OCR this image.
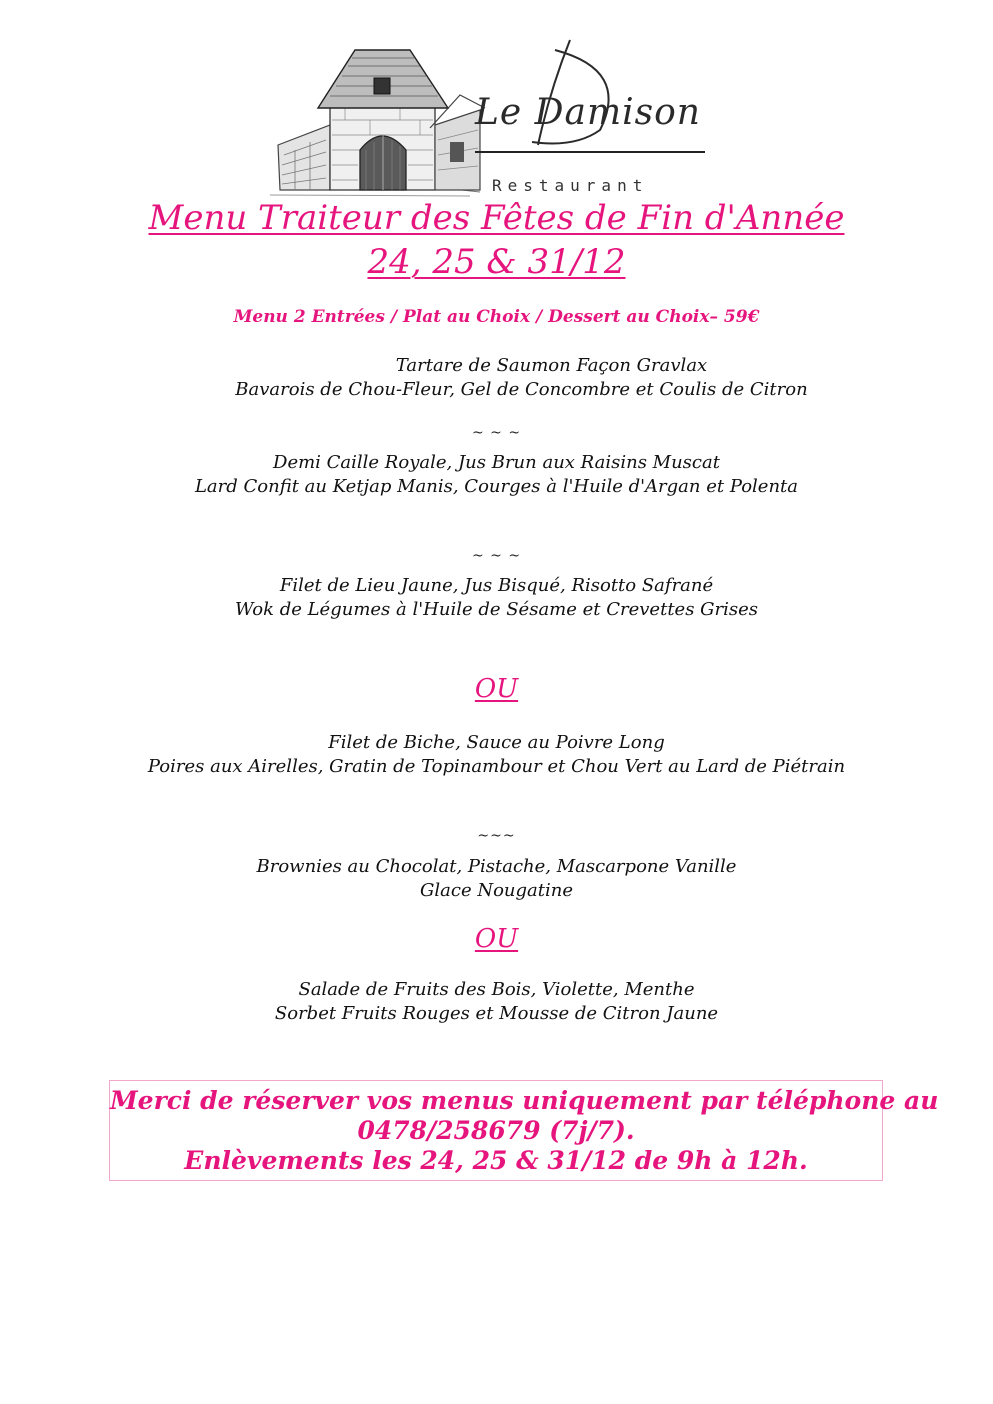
Le Damison
Restaurant
Menu Traiteur des Fêtes de Fin d'Année
24, 25 & 31/12
Menu 2 Entrées / Plat au Choix / Dessert au Choix– 59€
Tartare de Saumon Façon Gravlax
Bavarois de Chou-Fleur, Gel de Concombre et Coulis de Citron
~ ~ ~
Demi Caille Royale, Jus Brun aux Raisins Muscat
Lard Confit au Ketjap Manis, Courges à l'Huile d'Argan et Polenta
~ ~ ~
Filet de Lieu Jaune, Jus Bisqué, Risotto Safrané
Wok de Légumes à l'Huile de Sésame et Crevettes Grises
OU
Filet de Biche, Sauce au Poivre Long
Poires aux Airelles, Gratin de Topinambour et Chou Vert au Lard de Piétrain
~~~
Brownies au Chocolat, Pistache, Mascarpone Vanille
Glace Nougatine
OU
Salade de Fruits des Bois, Violette, Menthe
Sorbet Fruits Rouges et Mousse de Citron Jaune
Merci de réserver vos menus uniquement par téléphone au
0478/258679 (7j/7).
Enlèvements les 24, 25 & 31/12 de 9h à 12h.
